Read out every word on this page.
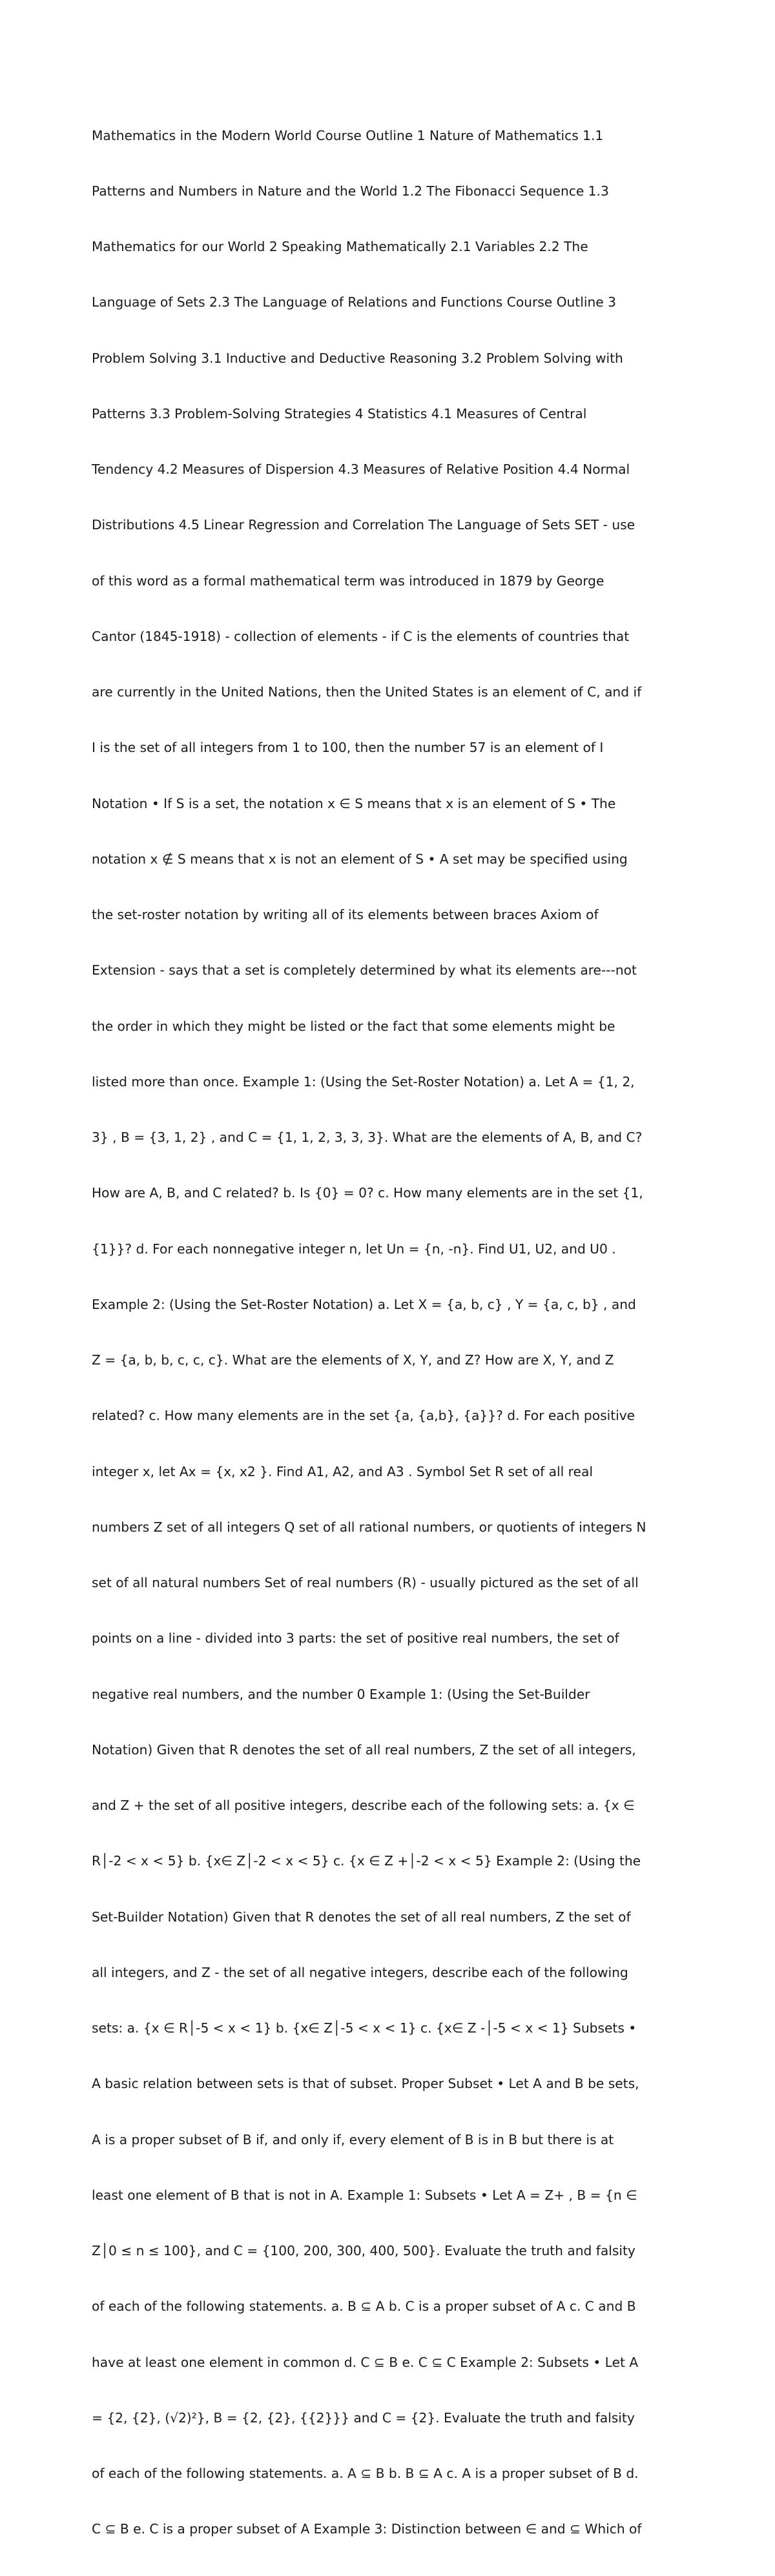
Mathematics in the Modern World Course Outline 1 Nature of Mathematics 1.1

Patterns and Numbers in Nature and the World 1.2 The Fibonacci Sequence 1.3

Mathematics for our World 2 Speaking Mathematically 2.1 Variables 2.2 The

Language of Sets 2.3 The Language of Relations and Functions Course Outline 3

Problem Solving 3.1 Inductive and Deductive Reasoning 3.2 Problem Solving with

Patterns 3.3 Problem-Solving Strategies 4 Statistics 4.1 Measures of Central

Tendency 4.2 Measures of Dispersion 4.3 Measures of Relative Position 4.4 Normal

Distributions 4.5 Linear Regression and Correlation The Language of Sets SET - use

of this word as a formal mathematical term was introduced in 1879 by George

Cantor (1845-1918) - collection of elements - if C is the elements of countries that

are currently in the United Nations, then the United States is an element of C, and if

I is the set of all integers from 1 to 100, then the number 57 is an element of I

Notation • If S is a set, the notation x ∈ S means that x is an element of S • The

notation x ∉ S means that x is not an element of S • A set may be specified using

the set-roster notation by writing all of its elements between braces Axiom of

Extension - says that a set is completely determined by what its elements are---not

the order in which they might be listed or the fact that some elements might be

listed more than once. Example 1: (Using the Set-Roster Notation) a. Let A = {1, 2,

3} , B = {3, 1, 2} , and C = {1, 1, 2, 3, 3, 3}. What are the elements of A, B, and C?

How are A, B, and C related? b. Is {0} = 0? c. How many elements are in the set {1,

{1}}? d. For each nonnegative integer n, let Un = {n, -n}. Find U1, U2, and U0 .

Example 2: (Using the Set-Roster Notation) a. Let X = {a, b, c} , Y = {a, c, b} , and

Z = {a, b, b, c, c, c}. What are the elements of X, Y, and Z? How are X, Y, and Z

related? c. How many elements are in the set {a, {a,b}, {a}}? d. For each positive

integer x, let Ax = {x, x2 }. Find A1, A2, and A3 . Symbol Set R set of all real

numbers Z set of all integers Q set of all rational numbers, or quotients of integers N

set of all natural numbers Set of real numbers (R) - usually pictured as the set of all

points on a line - divided into 3 parts: the set of positive real numbers, the set of

negative real numbers, and the number 0 Example 1: (Using the Set-Builder

Notation) Given that R denotes the set of all real numbers, Z the set of all integers,

and Z + the set of all positive integers, describe each of the following sets: a. {x ∈

R│-2 < x < 5} b. {x∈ Z│-2 < x < 5} c. {x ∈ Z +│-2 < x < 5} Example 2: (Using the

Set-Builder Notation) Given that R denotes the set of all real numbers, Z the set of

all integers, and Z - the set of all negative integers, describe each of the following

sets: a. {x ∈ R│-5 < x < 1} b. {x∈ Z│-5 < x < 1} c. {x∈ Z -│-5 < x < 1} Subsets •

A basic relation between sets is that of subset. Proper Subset • Let A and B be sets,

A is a proper subset of B if, and only if, every element of B is in B but there is at

least one element of B that is not in A. Example 1: Subsets • Let A = Z+ , B = {n ∈

Z│0 ≤ n ≤ 100}, and C = {100, 200, 300, 400, 500}. Evaluate the truth and falsity

of each of the following statements. a. B ⊆ A b. C is a proper subset of A c. C and B

have at least one element in common d. C ⊆ B e. C ⊆ C Example 2: Subsets • Let A

= {2, {2}, (√2)²}, B = {2, {2}, {{2}}} and C = {2}. Evaluate the truth and falsity

of each of the following statements. a. A ⊆ B b. B ⊆ A c. A is a proper subset of B d.

C ⊆ B e. C is a proper subset of A Example 3: Distinction between ∈ and ⊆ Which of
